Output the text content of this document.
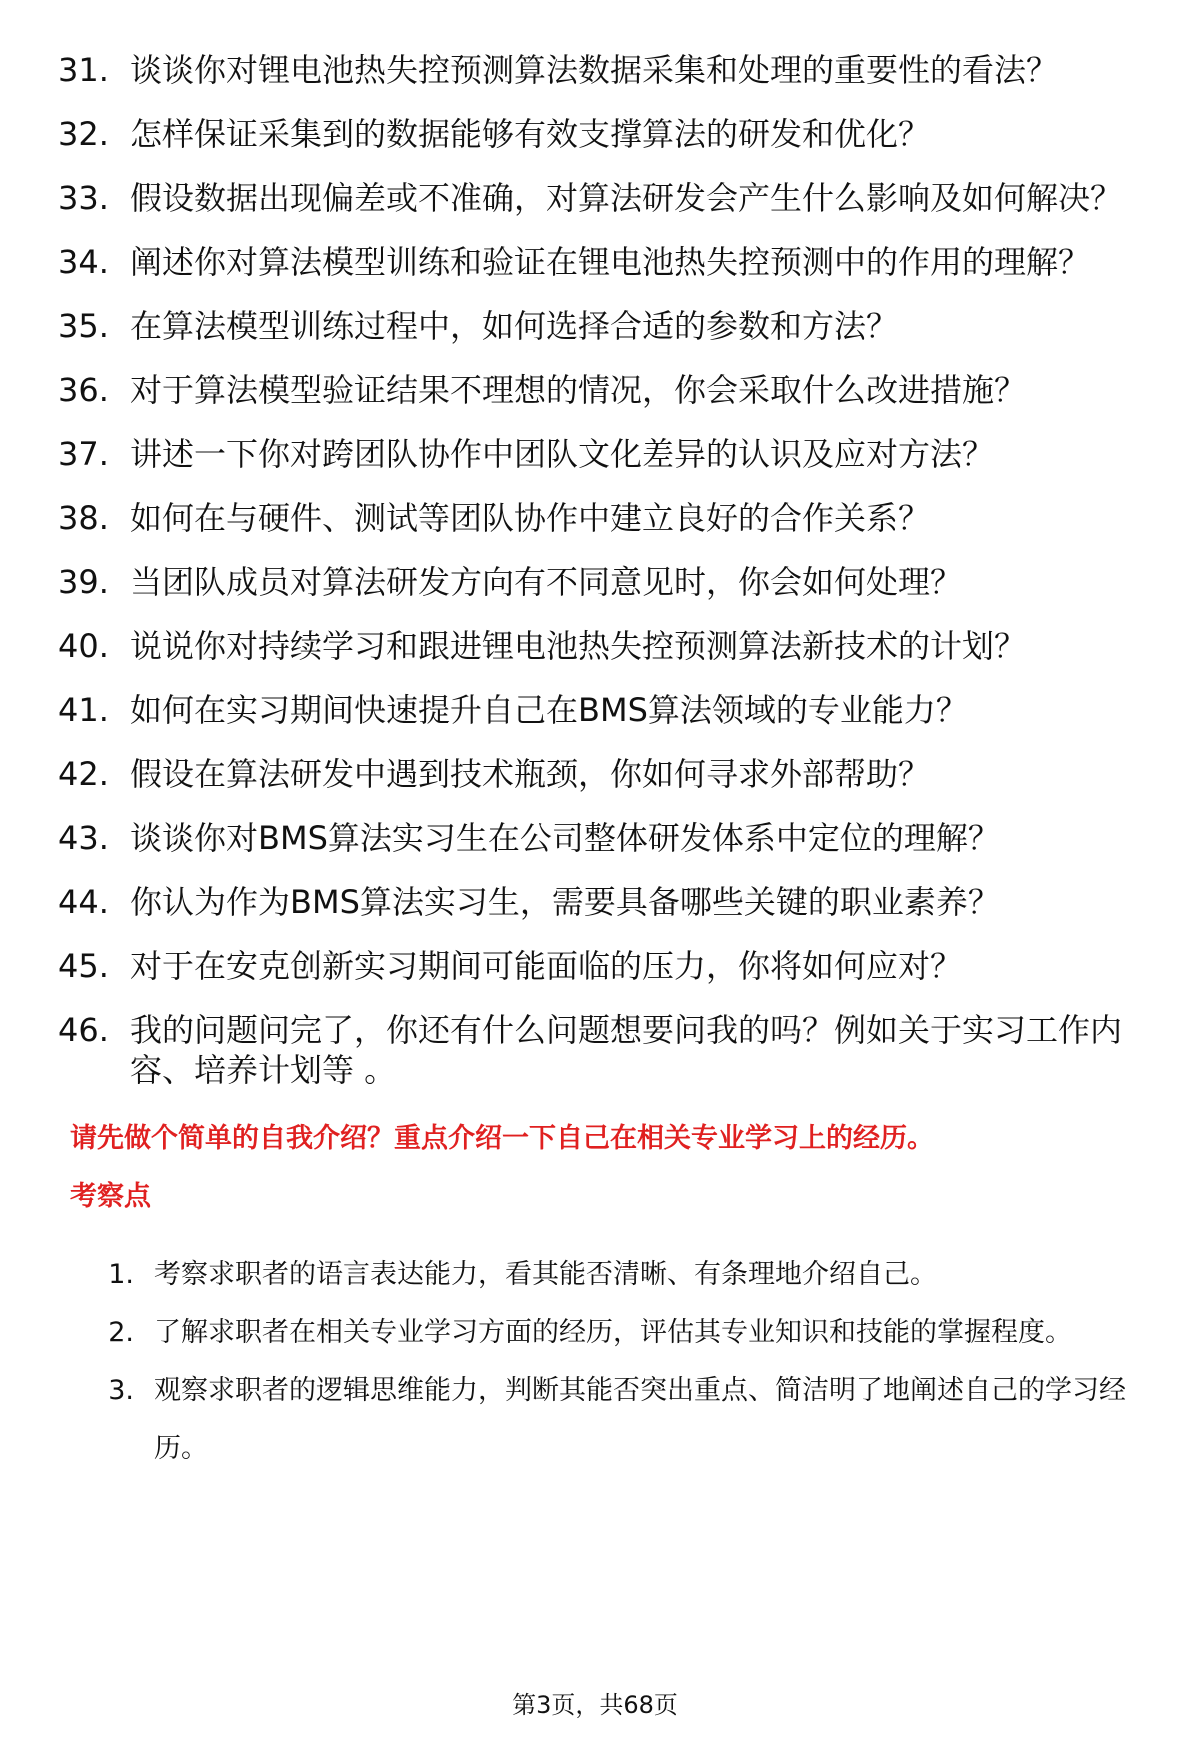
31. 谈谈你对锂电池热失控预测算法数据采集和处理的重要性的看法？
32. 怎样保证采集到的数据能够有效支撑算法的研发和优化？
33. 假设数据出现偏差或不准确，对算法研发会产生什么影响及如何解决？
34. 阐述你对算法模型训练和验证在锂电池热失控预测中的作用的理解？
35. 在算法模型训练过程中，如何选择合适的参数和方法？
36. 对于算法模型验证结果不理想的情况，你会采取什么改进措施？
37. 讲述一下你对跨团队协作中团队文化差异的认识及应对方法？
38. 如何在与硬件、测试等团队协作中建立良好的合作关系？
39. 当团队成员对算法研发方向有不同意见时，你会如何处理？
40. 说说你对持续学习和跟进锂电池热失控预测算法新技术的计划？
41. 如何在实习期间快速提升自己在BMS算法领域的专业能力？
42. 假设在算法研发中遇到技术瓶颈，你如何寻求外部帮助？
43. 谈谈你对BMS算法实习生在公司整体研发体系中定位的理解？
44. 你认为作为BMS算法实习生，需要具备哪些关键的职业素养？
45. 对于在安克创新实习期间可能面临的压力，你将如何应对？
46. 我的问题问完了，你还有什么问题想要问我的吗？例如关于实习工作内容、培养计划等 。
请先做个简单的自我介绍？重点介绍一下自己在相关专业学习上的经历。
考察点
1. 考察求职者的语言表达能力，看其能否清晰、有条理地介绍自己。
2. 了解求职者在相关专业学习方面的经历，评估其专业知识和技能的掌握程度。
3. 观察求职者的逻辑思维能力，判断其能否突出重点、简洁明了地阐述自己的学习经历。
第3页，共68页
